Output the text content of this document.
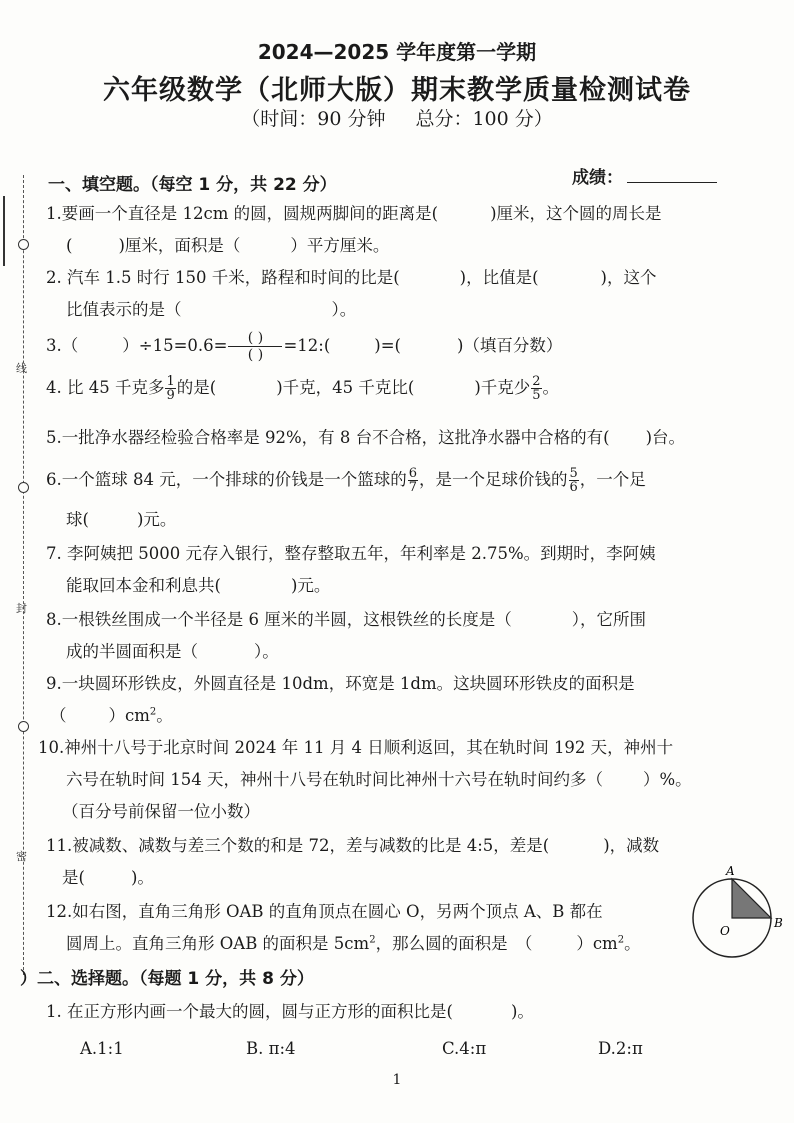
线
封
密
2024—2025 学年度第一学期
六年级数学（北师大版）期末教学质量检测试卷
（时间：90 分钟 总分：100 分）
一、填空题。（每空 1 分，共 22 分）	成绩：
1.要画一个直径是 12cm 的圆，圆规两脚间的距离是(	)厘米，这个圆的周长是
(	)厘米，面积是（	）平方厘米。
2. 汽车 1.5 时行 150 千米，路程和时间的比是(	)，比值是(	)，这个
比值表示的是（	）。
3.（	）$\div 15=0.6= \frac{( )}{( )}$ =12:(	)=(	)（填百分数）
4. 比 45 千克多 $\frac{1}{9}$ 的是(	)千克，45 千克比(	)千克少 $\frac{2}{5}$ 。
5.一批净水器经检验合格率是 92%，有 8 台不合格，这批净水器中合格的有( )台。
6.一个篮球 84 元，一个排球的价钱是一个篮球的 $\frac{6}{7}$ ，是一个足球价钱的 $\frac{5}{6}$ ，一个足
球(	)元。
7. 李阿姨把 5000 元存入银行，整存整取五年，年利率是 2.75%。到期时，李阿姨
能取回本金和利息共(	)元。
8.一根铁丝围成一个半径是 6 厘米的半圆，这根铁丝的长度是（	），它所围
成的半圆面积是（	）。
9.一块圆环形铁皮，外圆直径是 10dm，环宽是 1dm。这块圆环形铁皮的面积是
（	）$cm^2$。
10.神州十八号于北京时间 2024 年 11 月 4 日顺利返回，其在轨时间 192 天，神州十
六号在轨时间 154 天，神州十八号在轨时间比神州十六号在轨时间约多（ ）%。
（百分号前保留一位小数）
11.被减数、减数与差三个数的和是 72，差与减数的比是 4:5，差是(	)，减数
是(	)。
12.如右图，直角三角形 OAB 的直角顶点在圆心 O，另两个顶点 A、B 都在
圆周上。直角三角形 OAB 的面积是 $5cm^2$，那么圆的面积是　（	）$cm^2$。
A
B
O
）二、选择题。（每题 1 分，共 8 分）
1. 在正方形内画一个最大的圆，圆与正方形的面积比是(	)。
A.1:1	B. π:4	C.4:π	D.2:π
1
